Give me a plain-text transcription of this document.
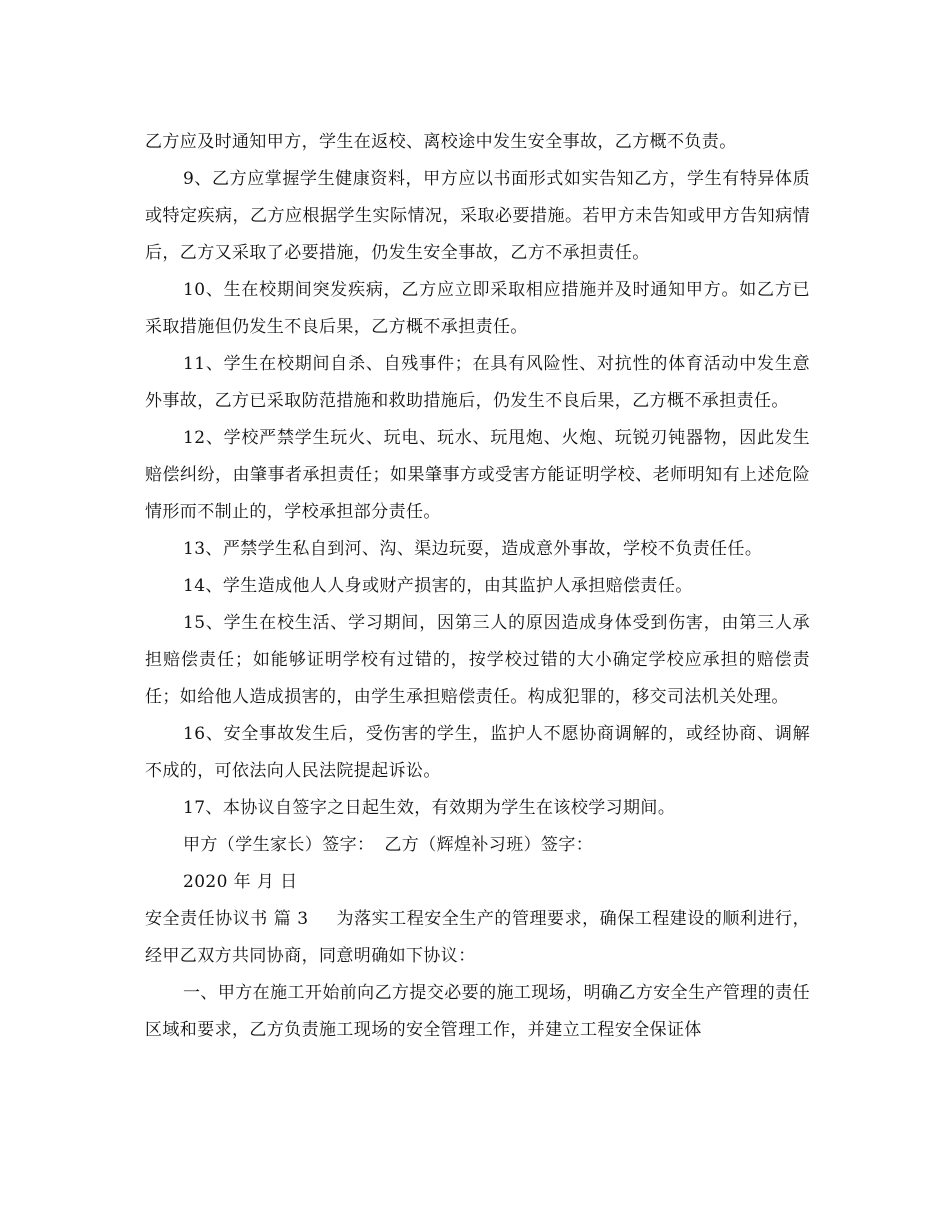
乙方应及时通知甲方，学生在返校、离校途中发生安全事故，乙方概不负责。

9、乙方应掌握学生健康资料，甲方应以书面形式如实告知乙方，学生有特异体质或特定疾病，乙方应根据学生实际情况，采取必要措施。若甲方未告知或甲方告知病情后，乙方又采取了必要措施，仍发生安全事故，乙方不承担责任。

10、生在校期间突发疾病，乙方应立即采取相应措施并及时通知甲方。如乙方已采取措施但仍发生不良后果，乙方概不承担责任。

11、学生在校期间自杀、自残事件；在具有风险性、对抗性的体育活动中发生意外事故，乙方已采取防范措施和救助措施后，仍发生不良后果，乙方概不承担责任。

12、学校严禁学生玩火、玩电、玩水、玩甩炮、火炮、玩锐刃钝器物，因此发生赔偿纠纷，由肇事者承担责任；如果肇事方或受害方能证明学校、老师明知有上述危险情形而不制止的，学校承担部分责任。

13、严禁学生私自到河、沟、渠边玩耍，造成意外事故，学校不负责任任。

14、学生造成他人人身或财产损害的，由其监护人承担赔偿责任。

15、学生在校生活、学习期间，因第三人的原因造成身体受到伤害，由第三人承担赔偿责任；如能够证明学校有过错的，按学校过错的大小确定学校应承担的赔偿责任；如给他人造成损害的，由学生承担赔偿责任。构成犯罪的，移交司法机关处理。

16、安全事故发生后，受伤害的学生，监护人不愿协商调解的，或经协商、调解不成的，可依法向人民法院提起诉讼。

17、本协议自签字之日起生效，有效期为学生在该校学习期间。

甲方（学生家长）签字： 乙方（辉煌补习班）签字：

2020 年 月 日

安全责任协议书 篇 3 为落实工程安全生产的管理要求，确保工程建设的顺利进行，经甲乙双方共同协商，同意明确如下协议：

一、甲方在施工开始前向乙方提交必要的施工现场，明确乙方安全生产管理的责任区域和要求，乙方负责施工现场的安全管理工作，并建立工程安全保证体
